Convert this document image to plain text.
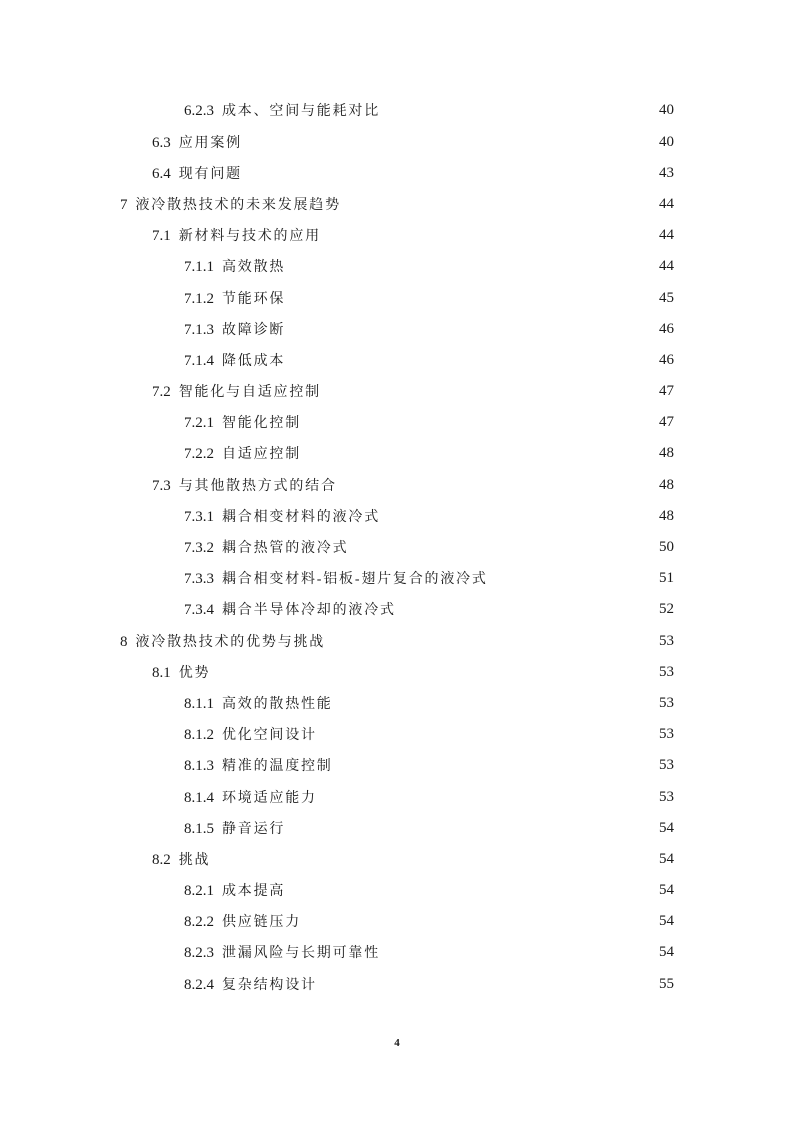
6.2.3 成本、空间与能耗对比	40
6.3 应用案例	40
6.4 现有问题	43
7 液冷散热技术的未来发展趋势	44
7.1 新材料与技术的应用	44
7.1.1 高效散热	44
7.1.2 节能环保	45
7.1.3 故障诊断	46
7.1.4 降低成本	46
7.2 智能化与自适应控制	47
7.2.1 智能化控制	47
7.2.2 自适应控制	48
7.3 与其他散热方式的结合	48
7.3.1 耦合相变材料的液冷式	48
7.3.2 耦合热管的液冷式	50
7.3.3 耦合相变材料-铝板-翅片复合的液冷式	51
7.3.4 耦合半导体冷却的液冷式	52
8 液冷散热技术的优势与挑战	53
8.1 优势	53
8.1.1 高效的散热性能	53
8.1.2 优化空间设计	53
8.1.3 精准的温度控制	53
8.1.4 环境适应能力	53
8.1.5 静音运行	54
8.2 挑战	54
8.2.1 成本提高	54
8.2.2 供应链压力	54
8.2.3 泄漏风险与长期可靠性	54
8.2.4 复杂结构设计	55
4
